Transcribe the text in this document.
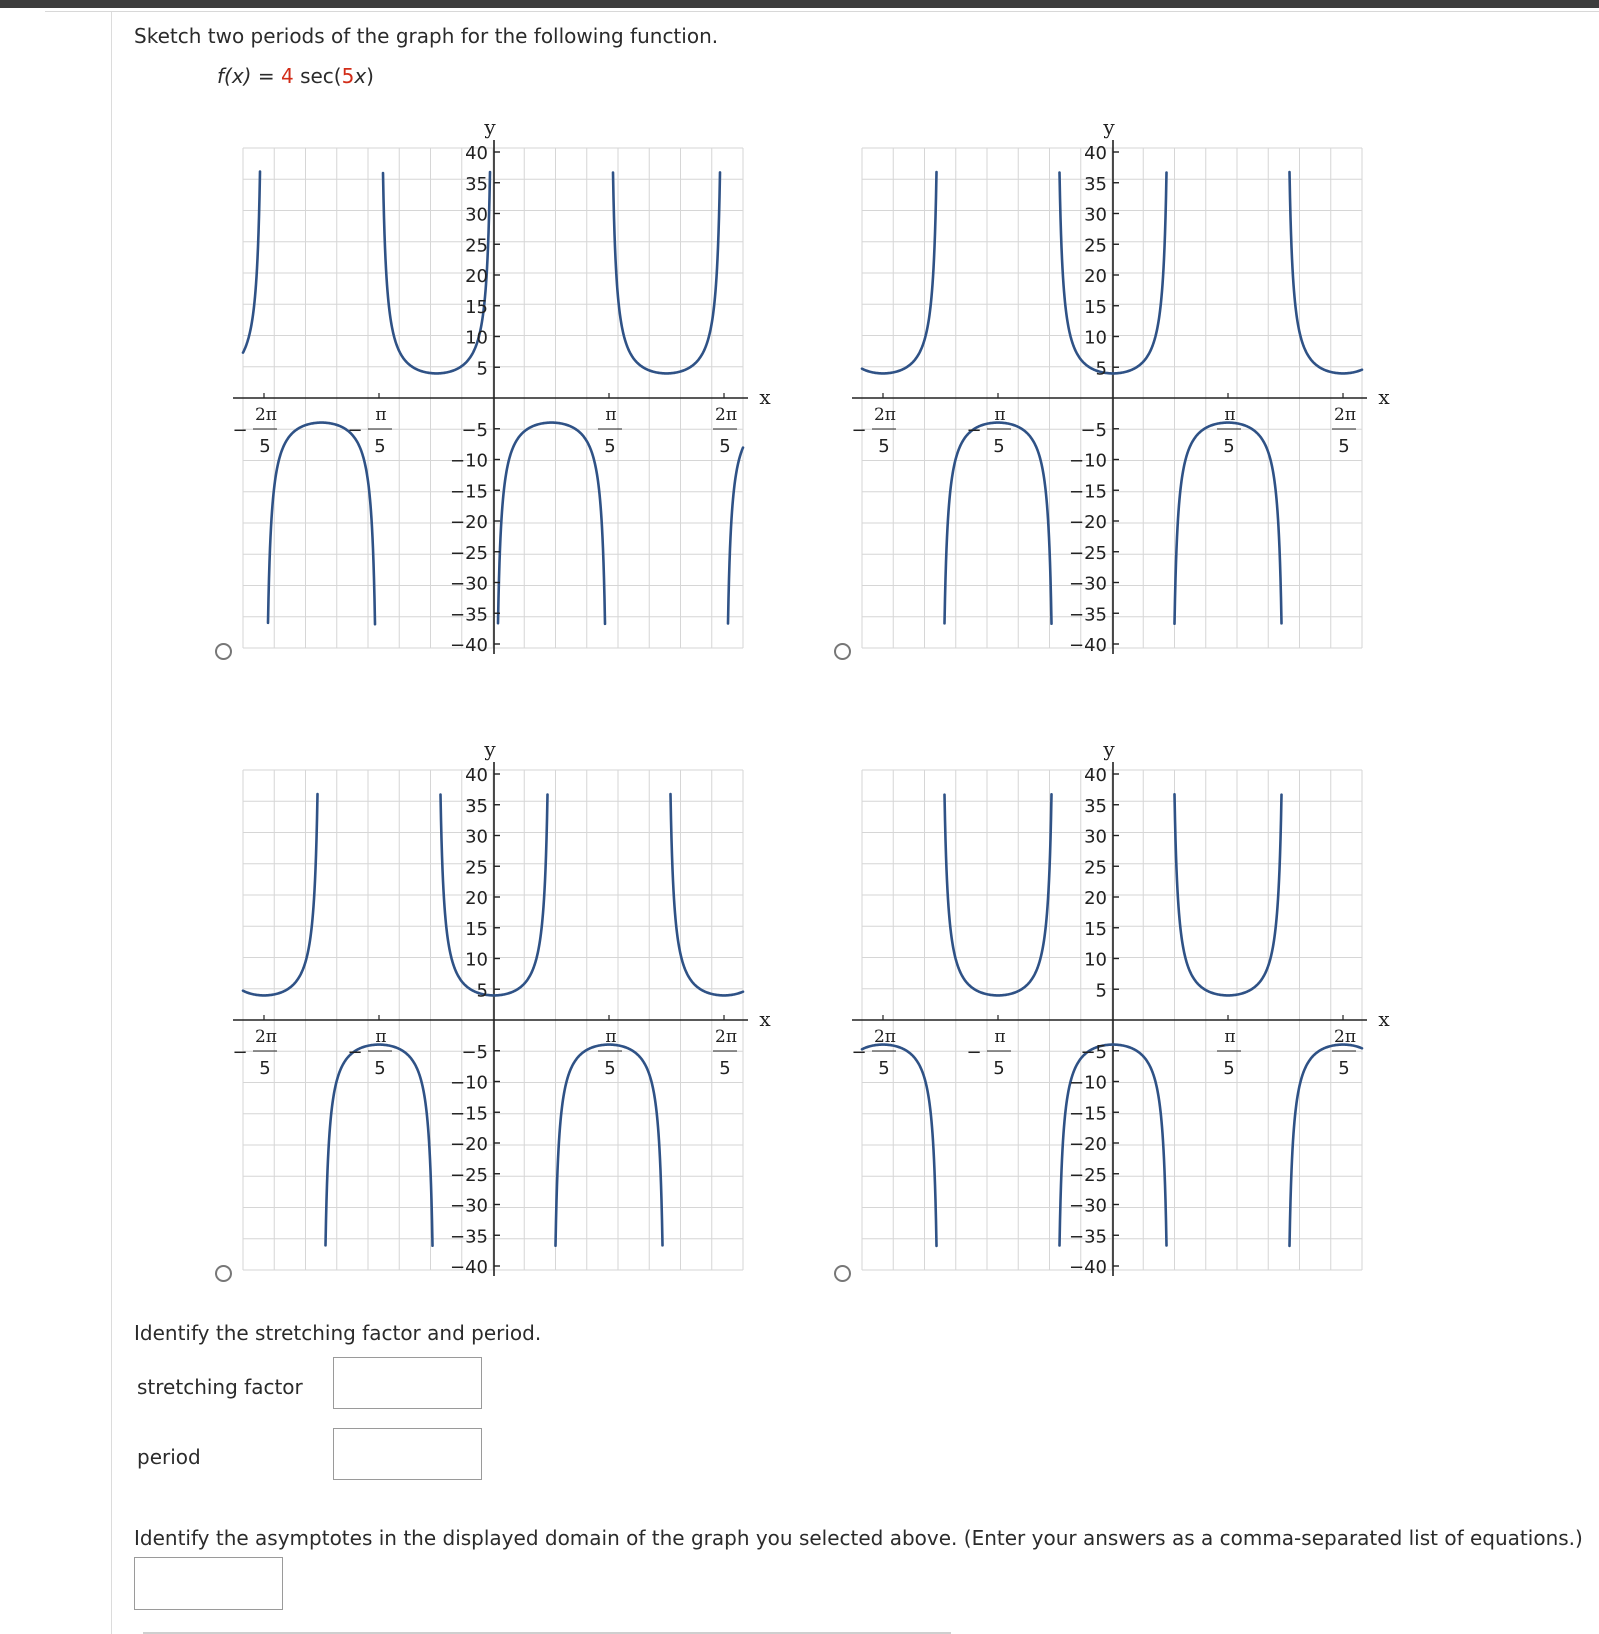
Sketch two periods of the graph for the following function.
f(x) = 4 sec(5x)
40
35
30
25
20
15
10
5
−5
−10
−15
−20
−25
−30
−35
−40
2π
5
−
π
5
−
π
5
2π
5
x
y
40
35
30
25
20
15
10
5
−5
−10
−15
−20
−25
−30
−35
−40
2π
5
−
π
5
−
π
5
2π
5
x
y
40
35
30
25
20
15
10
5
−5
−10
−15
−20
−25
−30
−35
−40
2π
5
−
π
5
−
π
5
2π
5
x
y
40
35
30
25
20
15
10
5
−5
−10
−15
−20
−25
−30
−35
−40
2π
5
−
π
5
−
π
5
2π
5
x
y
Identify the stretching factor and period.
stretching factor
period
Identify the asymptotes in the displayed domain of the graph you selected above. (Enter your answers as a comma-separated list of equations.)
